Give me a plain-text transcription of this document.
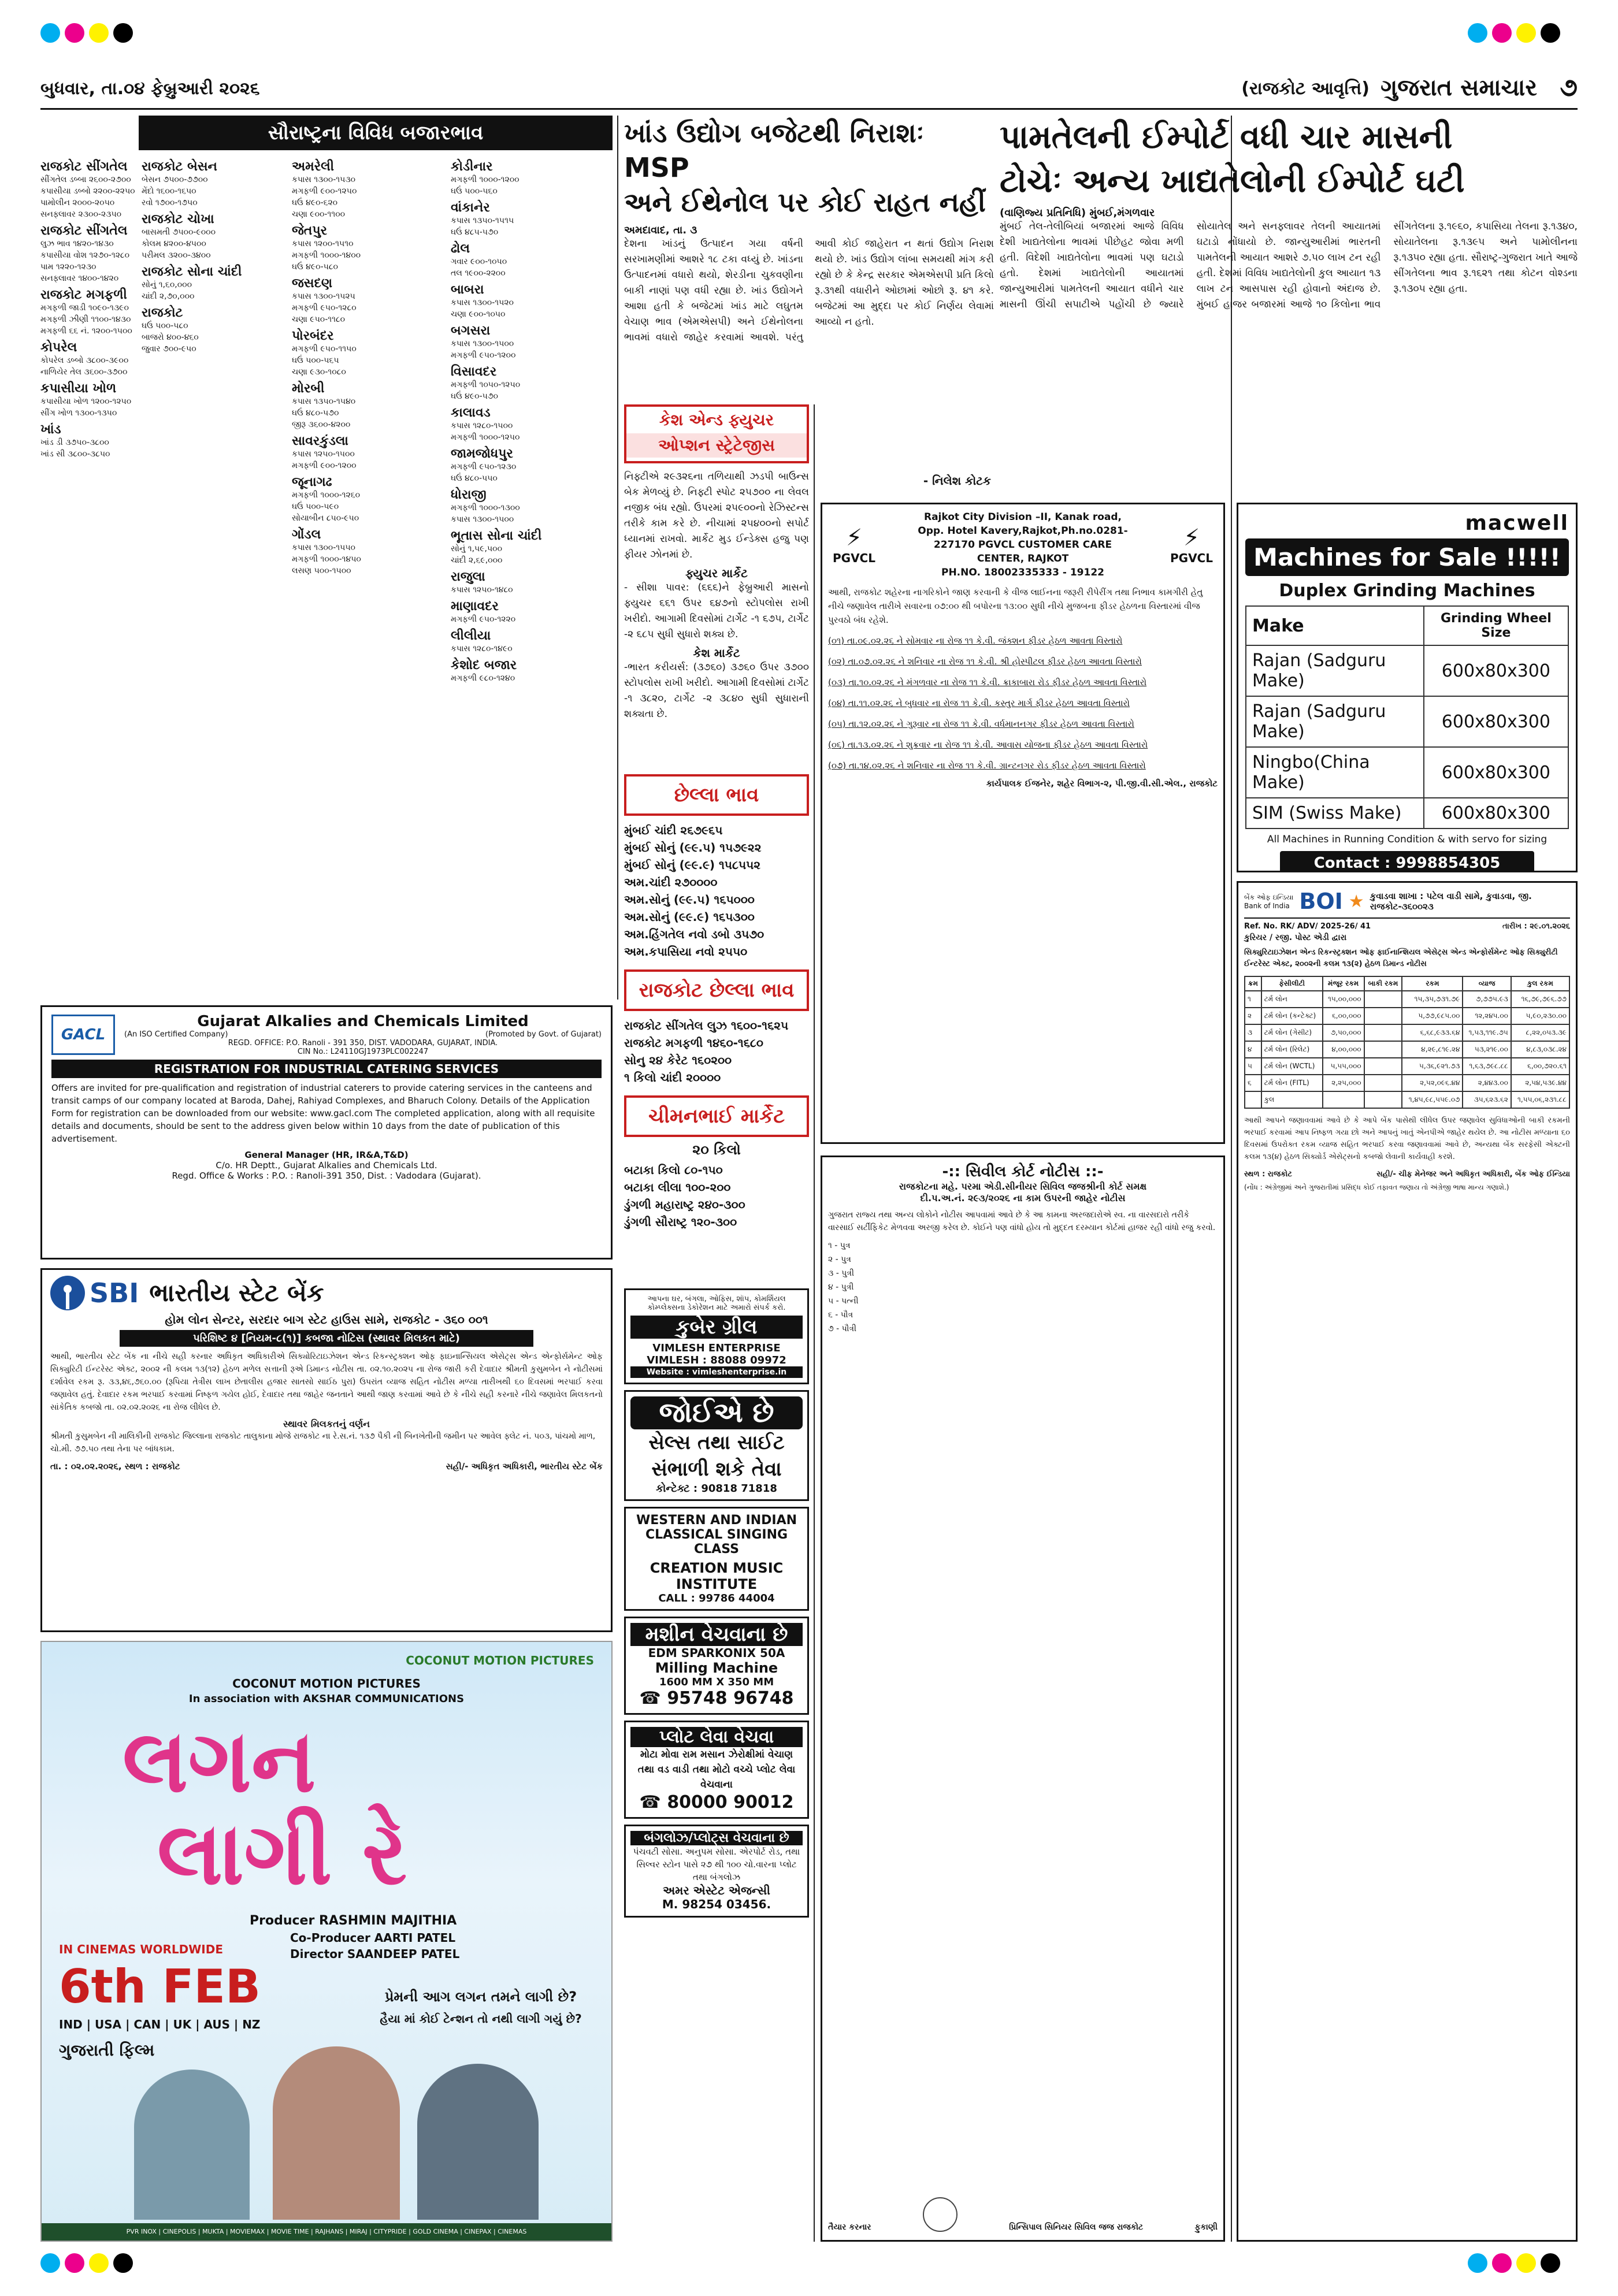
બુધવાર, તા.૦૪ ફેબ્રુઆરી ૨૦૨૬	(રાજકોટ આવૃત્તિ) ગુજરાત સમાચાર ૭
સૌરાષ્ટ્રના વિવિધ બજારભાવ
રાજકોટ સીંગતેલ
સીંગતેલ ડબ્બા ૨૬૦૦-૨૭૦૦
કપાસીયા ડબ્બો ૨૨૦૦-૨૨૫૦
પામોલીન ૨૦૦૦-૨૦૫૦
સનફ્લાવર ૨૩૦૦-૨૩૫૦
રાજકોટ સીંગતેલ
લુઝ ભાવ ૧૪૨૦-૧૪૩૦
કપાસીયા વોશ ૧૨૭૦-૧૨૮૦
પામ ૧૨૨૦-૧૨૩૦
સનફ્લાવર ૧૪૦૦-૧૪૨૦
રાજકોટ મગફળી
મગફળી જાડી ૧૦૯૦-૧૩૯૦
મગફળી ઝીણી ૧૧૦૦-૧૪૩૦
મગફળી ૬૬ નં. ૧૨૦૦-૧૫૦૦
કોપરેલ
કોપરેલ ડબ્બો ૩૮૦૦-૩૯૦૦
નાળિયેર તેલ ૩૬૦૦-૩૭૦૦
કપાસીયા ખોળ
કપાસીયા ખોળ ૧૨૦૦-૧૨૫૦
સીંગ ખોળ ૧૩૦૦-૧૩૫૦
ખાંડ
ખાંડ ડી ૩૭૫૦-૩૮૦૦
ખાંડ સી ૩૮૦૦-૩૮૫૦
રાજકોટ બેસન
બેસન ૭૫૦૦-૭૭૦૦
મેંદો ૧૬૦૦-૧૬૫૦
રવો ૧૭૦૦-૧૭૫૦
રાજકોટ ચોખા
બાસમતી ૭૫૦૦-૯૦૦૦
કોલમ ૪૨૦૦-૪૫૦૦
પરીમલ ૩૨૦૦-૩૪૦૦
રાજકોટ સોના ચાંદી
સોનું ૧,૬૦,૦૦૦
ચાંદી ૨,૭૦,૦૦૦
રાજકોટ
ઘઉં ૫૦૦-૫૮૦
બાજરો ૪૦૦-૪૬૦
જુવાર ૭૦૦-૯૫૦
અમરેલી
કપાસ ૧૩૦૦-૧૫૩૦
મગફળી ૯૦૦-૧૨૫૦
ઘઉં ૪૯૦-૬૨૦
ચણા ૯૦૦-૧૧૦૦
જેતપુર
કપાસ ૧૨૦૦-૧૫૧૦
મગફળી ૧૦૦૦-૧૪૦૦
ઘઉં ૪૯૦-૫૮૦
જસદણ
કપાસ ૧૩૦૦-૧૫૨૫
મગફળી ૯૫૦-૧૨૮૦
ચણા ૯૫૦-૧૧૮૦
પોરબંદર
મગફળી ૯૫૦-૧૧૫૦
ઘઉં ૫૦૦-૫૬૫
ચણા ૯૩૦-૧૦૮૦
મોરબી
કપાસ ૧૩૫૦-૧૫૪૦
ઘઉં ૪૮૦-૫૭૦
જીરૂ ૩૬૦૦-૪૨૦૦
સાવરકુંડલા
કપાસ ૧૨૫૦-૧૫૦૦
મગફળી ૯૦૦-૧૨૦૦
જૂનાગઢ
મગફળી ૧૦૦૦-૧૨૬૦
ઘઉં ૫૦૦-૫૯૦
સોયાબીન ૮૫૦-૯૫૦
ગોંડલ
કપાસ ૧૩૦૦-૧૫૫૦
મગફળી ૧૦૦૦-૧૪૫૦
લસણ ૫૦૦-૧૫૦૦
કોડીનાર
મગફળી ૧૦૦૦-૧૨૦૦
ઘઉં ૫૦૦-૫૬૦
વાંકાનેર
કપાસ ૧૩૫૦-૧૫૧૫
ઘઉં ૪૮૫-૫૭૦
ઢોલ
ગવાર ૯૦૦-૧૦૫૦
તલ ૧૯૦૦-૨૨૦૦
બાબરા
કપાસ ૧૩૦૦-૧૫૨૦
ચણા ૯૦૦-૧૦૫૦
બગસરા
કપાસ ૧૩૦૦-૧૫૦૦
મગફળી ૯૫૦-૧૨૦૦
વિસાવદર
મગફળી ૧૦૫૦-૧૨૫૦
ઘઉં ૪૯૦-૫૭૦
કાલાવડ
કપાસ ૧૨૮૦-૧૫૦૦
મગફળી ૧૦૦૦-૧૨૫૦
જામજોધપુર
મગફળી ૯૫૦-૧૨૩૦
ઘઉં ૪૮૦-૫૫૦
ધોરાજી
મગફળી ૧૦૦૦-૧૩૦૦
કપાસ ૧૩૦૦-૧૫૦૦
ભૂતાસ સોના ચાંદી
સોનું ૧,૫૯,૫૦૦
ચાંદી ૨,૬૯,૦૦૦
રાજુલા
કપાસ ૧૨૫૦-૧૪૮૦
માણાવદર
મગફળી ૯૫૦-૧૨૨૦
લીલીયા
કપાસ ૧૨૮૦-૧૪૯૦
કેશોદ બજાર
મગફળી ૯૮૦-૧૨૪૦
GACL
Gujarat Alkalies and Chemicals Limited
(An ISO Certified Company)	(Promoted by Govt. of Gujarat)
REGD. OFFICE: P.O. Ranoli - 391 350, DIST. VADODARA, GUJARAT, INDIA.
CIN No.: L24110GJ1973PLC002247
REGISTRATION FOR INDUSTRIAL CATERING SERVICES
Offers are invited for pre-qualification and registration of industrial caterers to provide catering services in the canteens and transit camps of our company located at Baroda, Dahej, Rahiyad Complexes, and Bharuch Colony. Details of the Application Form for registration can be downloaded from our website: www.gacl.com The completed application, along with all requisite details and documents, should be sent to the address given below within 10 days from the date of publication of this advertisement.
General Manager (HR, IR&A,T&D)
C/o. HR Deptt., Gujarat Alkalies and Chemicals Ltd.
Regd. Office & Works : P.O. : Ranoli-391 350, Dist. : Vadodara (Gujarat).
SBI ભારતીય સ્ટેટ બેંક
હોમ લોન સેન્ટર, સરદાર બાગ સ્ટેટ હાઉસ સામે, રાજકોટ - ૩૬૦ ૦૦૧
પરિશિષ્ટ ૪ [નિયમ-૮(૧)] કબજા નોટિસ (સ્થાવર મિલકત માટે)
આથી, ભારતીય સ્ટેટ બેંક ના નીચે સહી કરનાર અધિકૃત અધિકારીએ સિક્યોરિટાઇઝેશન એન્ડ રિકન્સ્ટ્રક્શન ઓફ ફાઇનાન્સિયલ એસેટ્સ એન્ડ એન્ફોર્સમેન્ટ ઓફ સિક્યુરિટી ઈન્ટરેસ્ટ એક્ટ, ૨૦૦૨ ની કલમ ૧૩(૧૨) હેઠળ મળેલ સત્તાની રૂએ ડિમાન્ડ નોટીસ તા. ૦૨.૧૦.૨૦૨૫ ના રોજ જારી કરી દેવાદાર શ્રીમતી કુસુમબેન ને નોટીસમાં દર્શાવેલ રકમ રૂ. ૩૩,૪૬,૭૬૦.૦૦ (રૂપિયા તેત્રીસ લાખ છેતાલીસ હજાર સાતસો સાઈઠ પુરા) ઉપરાંત વ્યાજ સહિત નોટીસ મળ્યા તારીખથી ૬૦ દિવસમાં ભરપાઈ કરવા જણાવેલ હતું. દેવાદાર રકમ ભરપાઈ કરવામાં નિષ્ફળ ગયેલ હોઈ, દેવાદાર તથા જાહેર જનતાને આથી જાણ કરવામાં આવે છે કે નીચે સહી કરનારે નીચે જણાવેલ મિલકતનો સાંકેતિક કબજો તા. ૦૨.૦૨.૨૦૨૬ ના રોજ લીધેલ છે.
સ્થાવર મિલકતનું વર્ણન
શ્રીમતી કુસુમબેન ની માલિકીની રાજકોટ જિલ્લાના રાજકોટ તાલુકાના મોજે રાજકોટ ના રે.સ.નં. ૧૩૭ પૈકી ની બિનખેતીની જમીન પર આવેલ ફ્લેટ નં. ૫૦૩, પાંચમો માળ, ચો.મી. ૭૭.૫૦ તથા તેના પર બાંધકામ.
તા. : ૦૨.૦૨.૨૦૨૬, સ્થળ : રાજકોટ	સહી/- અધિકૃત અધિકારી, ભારતીય સ્ટેટ બેંક
COCONUT MOTION PICTURES
COCONUT MOTION PICTURES
In association with AKSHAR COMMUNICATIONS
લગન
લાગી રે
Producer RASHMIN MAJITHIA
Co-Producer AARTI PATEL
Director SAANDEEP PATEL
IN CINEMAS WORLDWIDE
6th FEB
IND | USA | CAN | UK | AUS | NZ
ગુજરાતી ફિલ્મ
પ્રેમની આગ લગન તમને લાગી છે?
હૈયા માં કોઈ ટેન્શન તો નથી લાગી ગયું છે?
PVR INOX | CINEPOLIS | MUKTA | MOVIEMAX | MOVIE TIME | RAJHANS | MIRAJ | CITYPRIDE | GOLD CINEMA | CINEPAX | CINEMAS
ખાંડ ઉદ્યોગ બજેટથી નિરાશઃ MSP
અને ઈથેનોલ પર કોઈ રાહત નહીં
અમદાવાદ, તા. ૩
દેશના ખાંડનું ઉત્પાદન ગયા વર્ષની સરખામણીમાં આશરે ૧૮ ટકા વધ્યું છે. ખાંડના ઉત્પાદનમાં વધારો થયો, શેરડીના ચુકવણીના બાકી નાણાં પણ વધી રહ્યા છે. ખાંડ ઉદ્યોગને આશા હતી કે બજેટમાં ખાંડ માટે લઘુતમ વેચાણ ભાવ (એમએસપી) અને ઈથેનોલના ભાવમાં વધારો જાહેર કરવામાં આવશે. પરંતુ આવી કોઈ જાહેરાત ન થતાં ઉદ્યોગ નિરાશ થયો છે. ખાંડ ઉદ્યોગ લાંબા સમયથી માંગ કરી રહ્યો છે કે કેન્દ્ર સરકાર એમએસપી પ્રતિ કિલો રૂ.૩૧થી વધારીને ઓછામાં ઓછો રૂ. ૪૧ કરે. બજેટમાં આ મુદ્દા પર કોઈ નિર્ણય લેવામાં આવ્યો ન હતો.
કેશ એન્ડ ફ્યુચર
ઓપ્શન સ્ટ્રેટેજીસ
નિફ્ટીએ ૨૯૩૨૬ના તળિયાથી ઝડપી બાઉન્સ બેક મેળવ્યું છે. નિફ્ટી સ્પોટ ૨૫૭૦૦ ના લેવલ નજીક બંધ રહ્યો. ઉપરમાં ૨૫૯૦૦નો રેઝિસ્ટન્સ તરીકે કામ કરે છે. નીચામાં ૨૫૪૦૦નો સપોર્ટ ધ્યાનમાં રાખવો. માર્કેટ મુડ ઈન્ડેક્સ હજુ પણ ફીયર ઝોનમાં છે.
ફ્યુચર માર્કેટ
- સીશા પાવર: (૬૬૬)ને ફેબ્રુઆરી માસનો ફ્યુચર ૬૬૧ ઉપર ૬૪૭નો સ્ટોપલોસ રાખી ખરીદો. આગામી દિવસોમાં ટાર્ગેટ -૧ ૬૭૫, ટાર્ગેટ -૨ ૬૮૫ સુધી સુધારો શક્ય છે.
કેશ માર્કેટ
-ભારત કરીયર્સ: (૩૭૬૦) ૩૭૬૦ ઉપર ૩૭૦૦ સ્ટોપલોસ રાખી ખરીદો. આગામી દિવસોમાં ટાર્ગેટ -૧ ૩૮૨૦, ટાર્ગેટ -૨ ૩૮૪૦ સુધી સુધારાની શક્યતા છે.
- નિલેશ કોટક
છેલ્લા ભાવ
મુંબઈ ચાંદી ૨૬૭૯૬૫
મુંબઈ સોનું (૯૯.૫) ૧૫૭૯૨૨
મુંબઈ સોનું (૯૯.૯) ૧૫૮૫૫૨
અમ.ચાંદી ૨૭૦૦૦૦
અમ.સોનું (૯૯.૫) ૧૬૫૦૦૦
અમ.સોનું (૯૯.૯) ૧૬૫૩૦૦
અમ.હિંગતેલ નવો ડબો ૩૫૭૦
અમ.કપાસિયા નવો ૨૫૫૦
રાજકોટ છેલ્લા ભાવ
રાજકોટ સીંગતેલ લુઝ ૧૬૦૦-૧૬૨૫
રાજકોટ મગફળી ૧૪૬૦-૧૬૮૦
સોનુ ૨૪ કેરેટ ૧૬૦૨૦૦
૧ કિલો ચાંદી ૨૦૦૦૦
ચીમનભાઈ માર્કેટ
૨૦ કિલો
બટાકા કિલો ૮૦-૧૫૦
બટાકા લીલા ૧૦૦-૨૦૦
ડુંગળી મહારાષ્ટ્ર ૨૪૦-૩૦૦
ડુંગળી સૌરાષ્ટ્ર ૧૨૦-૩૦૦
આપના ઘર, બંગલા, ઓફિસ, શૉપ, કોમર્શિયલ કોમ્પ્લેક્સના ડેકોરેશન માટે અમારો સંપર્ક કરો.
કુબેર ગ્રીલ
VIMLESH ENTERPRISE
VIMLESH : 88088 09972
Website : vimleshenterprise.in
જોઈએ છે
સેલ્સ તથા સાઈટ સંભાળી શકે તેવા
કોન્ટેક્ટ : 90818 71818
WESTERN AND INDIAN CLASSICAL SINGING CLASS
CREATION MUSIC INSTITUTE
CALL : 99786 44004
મશીન વેચવાના છે
EDM SPARKONIX 50A
Milling Machine
1600 MM X 350 MM
☎ 95748 96748
પ્લોટ લેવા વેચવા
મોટા મોવા રામ મસાન ઝેરોક્ષીમાં વેચાણ તથા વડ વાડી તથા મોટો વચ્ચે પ્લોટ લેવા વેચવાના
☎ 80000 90012
બંગલોઝ/પ્લોટ્સ વેચવાના છે
પંચવટી સોસા. અનુપમ સોસા. એરપોર્ટ રોડ, તથા સિલ્વર સ્ટોન પાસે ૨૭ થી ૧૦૦ ચો.વારના પ્લોટ તથા બંગલોઝ
અમર એસ્ટેટ એજન્સી
M. 98254 03456.
⚡
PGVCL
Rajkot City Division –II, Kanak road,
Opp. Hotel Kavery,Rajkot,Ph.no.0281-
227170 PGVCL CUSTOMER CARE
CENTER, RAJKOT
PH.NO. 18002335333 - 19122
⚡
PGVCL
આથી, રાજકોટ શહેરના નાગરિકોને જાણ કરવાની કે વીજ લાઈનના જરૂરી રીપેરીંગ તથા નિભાવ કામગીરી હેતુ નીચે જણાવેલ તારીખે સવારના ૦૭:૦૦ થી બપોરના ૧૩:૦૦ સુધી નીચે મુજબના ફીડર હેઠળના વિસ્તારમાં વીજ પુરવઠો બંધ રહેશે.
(૦૧) તા.૦૯.૦૨.૨૬ ને સોમવાર ના રોજ ૧૧ કે.વી. જંક્શન ફીડર હેઠળ આવતા વિસ્તારો
(૦૨) તા.૦૭.૦૨.૨૬ ને શનિવાર ના રોજ ૧૧ કે.વી. શ્રી હોસ્પીટલ ફીડર હેઠળ આવતા વિસ્તારો
(૦૩) તા.૧૦.૦૨.૨૬ ને મંગળવાર ના રોજ ૧૧ કે.વી. ક્રાકાબારા રોડ ફીડર હેઠળ આવતા વિસ્તારો
(૦૪) તા.૧૧.૦૨.૨૬ ને બુધવાર ના રોજ ૧૧ કે.વી. કસ્તુર માર્ગ ફીડર હેઠળ આવતા વિસ્તારો
(૦૫) તા.૧૨.૦૨.૨૬ ને ગુરૂવાર ના રોજ ૧૧ કે.વી. વર્ધમાનનગર ફીડર હેઠળ આવતા વિસ્તારો
(૦૬) તા.૧૩.૦૨.૨૬ ને શુક્રવાર ના રોજ ૧૧ કે.વી. આવાસ યોજના ફીડર હેઠળ આવતા વિસ્તારો
(૦૭) તા.૧૪.૦૨.૨૬ ને શનિવાર ના રોજ ૧૧ કે.વી. ગ્રાન્ટનગર રોડ ફીડર હેઠળ આવતા વિસ્તારો
કાર્યપાલક ઈજનેર, શહેર વિભાગ-૨, પી.જી.વી.સી.એલ., રાજકોટ
-:: સિવીલ કોર્ટ નોટીસ ::-
રાજકોટના મહે. પરમા એડી.સીનીયર સિવિલ જજશ્રીની કોર્ટ સમક્ષ
દી.પ.અ.નં. ૨૯૩/૨૦૨૬ ના કામ ઉપરની જાહેર નોટીસ
ગુજરાત રાજ્ય તથા અન્ય લોકોને નોટીસ આપવામાં આવે છે કે આ કામના અરજદારોએ સ્વ. ના વારસદારો તરીકે વારસાઈ સર્ટીફિકેટ મેળવવા અરજી કરેલ છે. કોઈને પણ વાંધો હોય તો મુદ્દત દરમ્યાન કોર્ટમાં હાજર રહી વાંધો રજુ કરવો.
૧ - પુત્ર
૨ - પુત્ર
૩ - પુત્રી
૪ - પુત્રી
૫ - પત્ની
૬ - પૌત્ર
૭ - પૌત્રી
તૈયાર કરનાર	પ્રિન્સિપાલ સિનિયર સિવિલ જજ રાજકોટ	ફુકાણી
પામતેલની ઈમ્પોર્ટ વધી ચાર માસની
ટોચેઃ અન્ય ખાદ્યતેલોની ઈમ્પોર્ટ ઘટી
(વાણિજ્ય પ્રતિનિધિ) મુંબઈ,મંગળવાર
મુંબઈ તેલ-તેલીબિયાં બજારમાં આજે વિવિધ દેશી ખાદ્યતેલોના ભાવમાં પીછેહટ જોવા મળી હતી. વિદેશી ખાદ્યતેલોના ભાવમાં પણ ઘટાડો હતો. દેશમાં ખાદ્યતેલોની આયાતમાં જાન્યુઆરીમાં પામતેલની આયાત વધીને ચાર માસની ઊંચી સપાટીએ પહોંચી છે જ્યારે સોયાતેલ અને સનફ્લાવર તેલની આયાતમાં ઘટાડો નોંધાયો છે. જાન્યુઆરીમાં ભારતની પામતેલની આયાત આશરે ૭.૫૦ લાખ ટન રહી હતી. દેશમાં વિવિધ ખાદ્યતેલોની કુલ આયાત ૧૩ લાખ ટન આસપાસ રહી હોવાનો અંદાજ છે. મુંબઈ હાજર બજારમાં આજે ૧૦ કિલોના ભાવ સીંગતેલના રૂ.૧૯૬૦, કપાસિયા તેલના રૂ.૧૩૪૦, સોયાતેલના રૂ.૧૩૯૫ અને પામોલીનના રૂ.૧૩૫૦ રહ્યા હતા. સૌરાષ્ટ્ર-ગુજરાત ખાતે આજે સીંગતેલના ભાવ રૂ.૧૬૨૧ તથા કોટન વોશ્ડના રૂ.૧૩૦૫ રહ્યા હતા.
macwell
Machines for Sale !!!!!
Duplex Grinding Machines
Make	Grinding Wheel Size
Rajan (Sadguru Make)	600x80x300
Rajan (Sadguru Make)	600x80x300
Ningbo(China Make)	600x80x300
SIM (Swiss Make)	600x80x300
All Machines in Running Condition & with servo for sizing
Contact : 9998854305
બેંક ઓફ ઇન્ડિયા
Bank of India BOI ★ કુવાડવા શાખા : પટેલ વાડી સામે, કુવાડવા, જી. રાજકોટ-૩૬૦૦૨૩
Ref. No. RK/ ADV/ 2025-26/ 41	તારીખ : ૨૯.૦૧.૨૦૨૬
કુરિયર / રજી. પોસ્ટ એડી દ્વારા
સિક્યુરિટાઇઝેશન એન્ડ રિકન્સ્ટ્રક્શન ઓફ ફાઈનાન્શિયલ એસેટ્સ એન્ડ એન્ફોર્સમેન્ટ ઓફ સિક્યુરીટી ઈન્ટરેસ્ટ એક્ટ, ૨૦૦૨ની કલમ ૧૩(૨) હેઠળ ડિમાન્ડ નોટીસ
ક્રમ	ફેસીલીટી	મંજૂર રકમ	બાકી રકમ	રકમ	વ્યાજ	કુલ રકમ
૧	ટર્મ લોન	૧૫,૦૦,૦૦૦		૧૫,૩૫,૭૩૧.૭૯	૭,૭૭૫.૯૩	૧૬,૭૯,૭૯૬.૭૭
૨	ટર્મ લોન (કન્ટેક્ટ)	૬,૦૦,૦૦૦		૫,૭૭,૯૮૫.૦૦	૧૨,૨૪૫.૦૦	૫,૯૦,૨૩૦.૦૦
૩	ટર્મ લોન (ગેસીટ)	૭,૫૦,૦૦૦		૬,૬૮,૯૩૩.૬૪	૧,૫૩,૧૧૯.૭૫	૮,૨૨,૦૫૩.૩૯
૪	ટર્મ લોન (રિલેટ)	૪,૦૦,૦૦૦		૪,૨૯,૮૧૯.૨૪	૫૩,૨૧૯.૦૦	૪,૮૩,૦૩૮.૨૪
૫	ટર્મ લોન (WCTL)	૫,૫૫,૦૦૦		૫,૩૬,૯૨૧.૭૩	૧,૬૩,૭૯૮.૮૮	૬,૦૦,૭૨૦.૬૧
૬	ટર્મ લોન (FITL)	૨,૨૫,૦૦૦		૨,૫૨,૦૯૬.૪૪	૨,૪૪૩.૦૦	૨,૫૪,૫૩૯.૪૪
	કુલ			૧,૪૫,૯૮,૫૫૯.૦૭	૩૫,૬૨૩.૬૨	૧,૫૫,૦૬,૨૩૧.૮૮
આથી આપને જણાવવામાં આવે છે કે આપે બેંક પાસેથી લીધેલ ઉપર જણાવેલ સુવિધાઓની બાકી રકમની ભરપાઈ કરવામાં આપ નિષ્ફળ ગયા છો અને આપનું ખાતું એનપીએ જાહેર થયેલ છે. આ નોટીસ મળ્યાના ૬૦ દિવસમાં ઉપરોક્ત રકમ વ્યાજ સહિત ભરપાઈ કરવા જણાવવામાં આવે છે, અન્યથા બેંક સરફેસી એક્ટની કલમ ૧૩(૪) હેઠળ સિક્યોર્ડ એસેટ્સનો કબજો લેવાની કાર્યવાહી કરશે.
સ્થળ : રાજકોટ	સહી/- ચીફ મેનેજર અને અધિકૃત અધિકારી, બેંક ઓફ ઈન્ડિયા
(નોંધ : અંગ્રેજીમાં અને ગુજરાતીમાં પ્રસિદ્ધ કોઈ તફાવત જણાય તો અંગ્રેજી ભાષા માન્ય ગણાશે.)
